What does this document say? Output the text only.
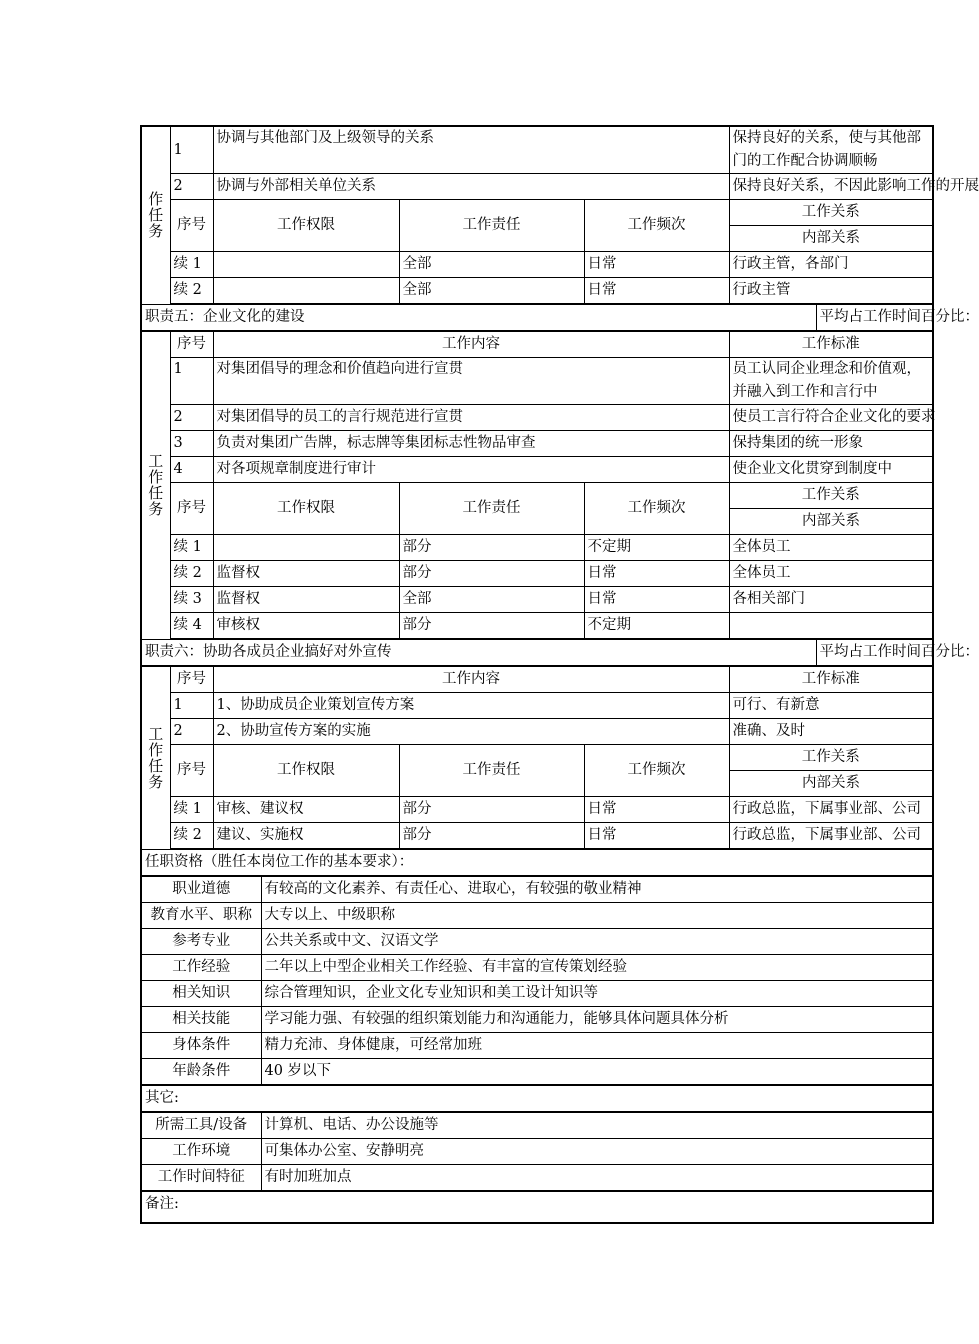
作
任
务	1	协调与其他部门及上级领导的关系				保持良好的关系，使与其他部门的工作配合协调顺畅		
	2	协调与外部相关单位关系				保持良好关系，不因此影响工作的开展		
	序号	工作权限		工作责任	工作频次	工作关系		
						内部关系	
	续 1			全部	日常	行政主管，各部门		
	续 2			全部	日常	行政主管	
职责五：企业文化的建设							平均占工作时间百分比：	

工
作
任
务	序号	工作内容				工作标准		
	1	对集团倡导的理念和价值趋向进行宣贯				员工认同企业理念和价值观，并融入到工作和言行中		
	2	对集团倡导的员工的言行规范进行宣贯				使员工言行符合企业文化的要求		
	3	负责对集团广告牌，标志牌等集团标志性物品审查				保持集团的统一形象		
	4	对各项规章制度进行审计				使企业文化贯穿到制度中		
	序号	工作权限		工作责任	工作频次	工作关系		
						内部关系	
	续 1			部分	不定期	全体员工		
	续 2	监督权		部分	日常	全体员工		
	续 3	监督权		全部	日常	各相关部门		
	续 4	审核权		部分	不定期			
职责六：协助各成员企业搞好对外宣传							平均占工作时间百分比：	

工
作
任
务	序号	工作内容				工作标准		
	1	1、协助成员企业策划宣传方案				可行、有新意		
	2	2、协助宣传方案的实施				准确、及时		
	序号	工作权限		工作责任	工作频次	工作关系		
						内部关系	
	续 1	审核、建议权		部分	日常	行政总监，下属事业部、公司		
	续 2	建议、实施权		部分	日常	行政总监，下属事业部、公司		
任职资格（胜任本岗位工作的基本要求）：								
职业道德			有较高的文化素养、有责任心、进取心，有较强的敬业精神					
教育水平、职称			大专以上、中级职称					
参考专业			公共关系或中文、汉语文学					
工作经验			二年以上中型企业相关工作经验、有丰富的宣传策划经验					
相关知识			综合管理知识，企业文化专业知识和美工设计知识等					
相关技能			学习能力强、有较强的组织策划能力和沟通能力，能够具体问题具体分析					
身体条件			精力充沛、身体健康，可经常加班					
年龄条件			40 岁以下					
其它:								
所需工具/设备			计算机、电话、办公设施等					
工作环境			可集体办公室、安静明亮					
工作时间特征			有时加班加点					
备注:								
